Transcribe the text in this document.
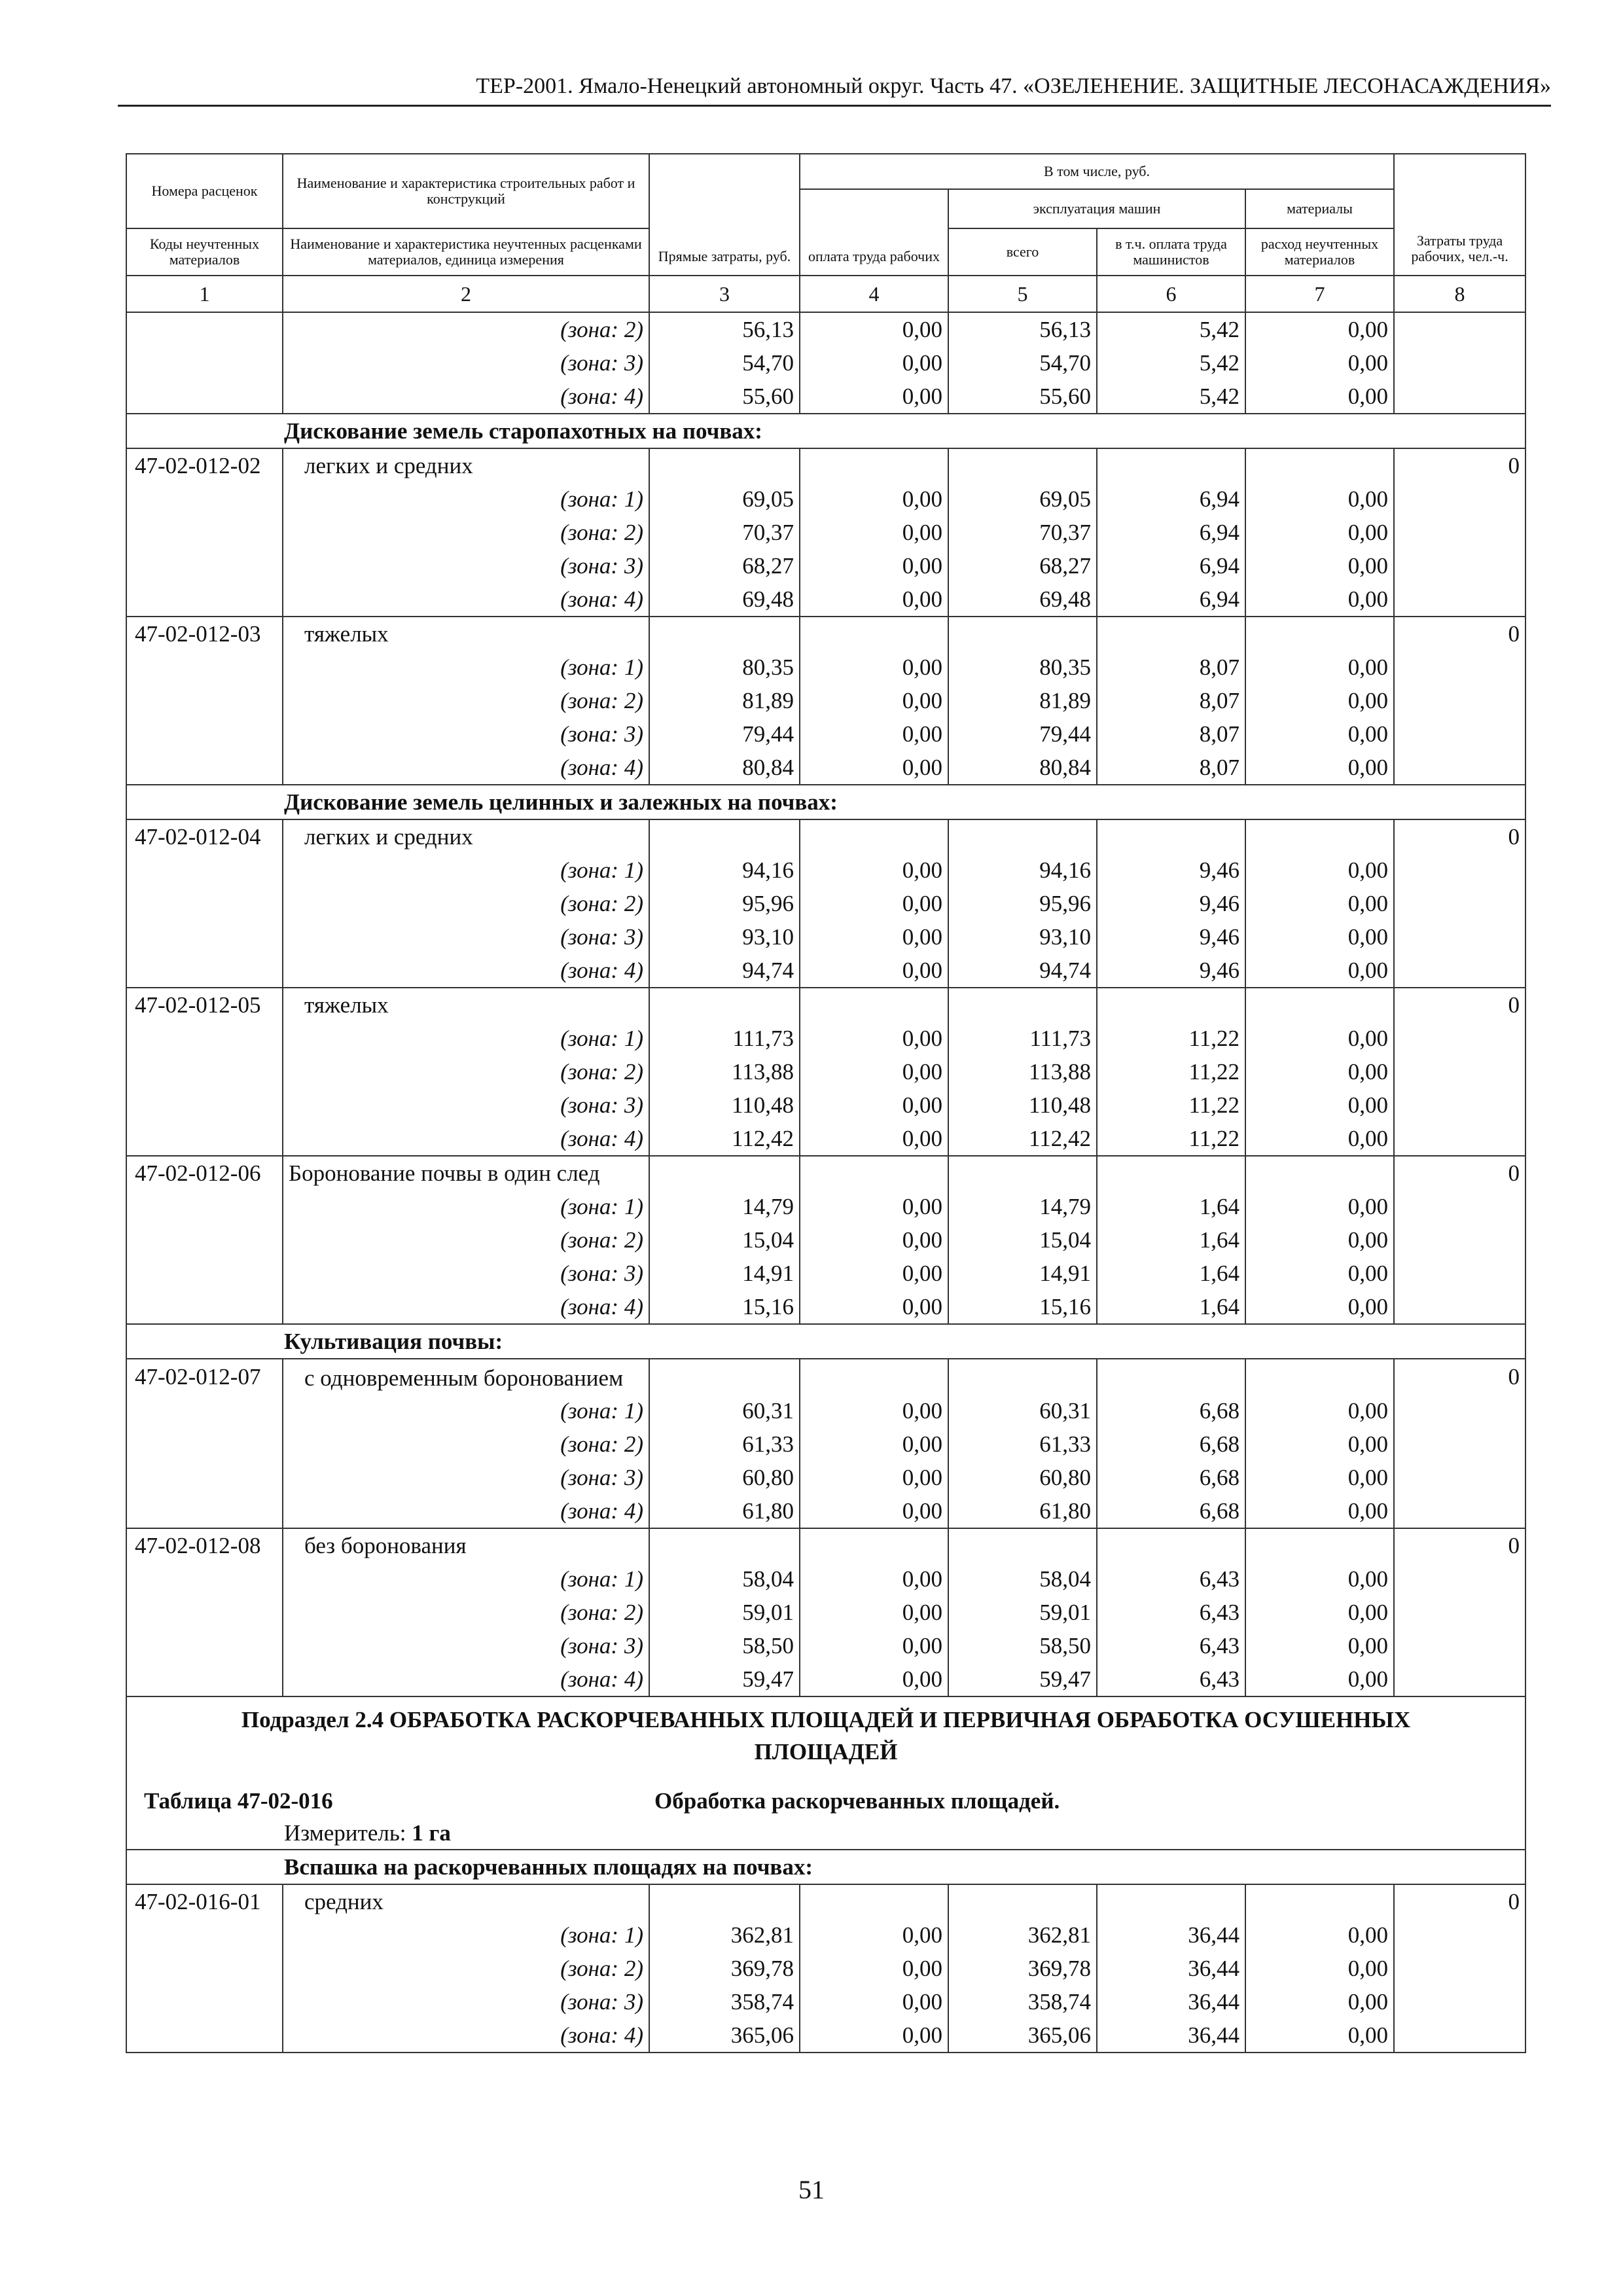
ТЕР-2001. Ямало-Ненецкий автономный округ. Часть 47. «ОЗЕЛЕНЕНИЕ. ЗАЩИТНЫЕ ЛЕСОНАСАЖДЕНИЯ»
Номера расценок	Наименование и характеристика строительных работ и конструкций	Прямые затраты, руб.	В том числе, руб.				Затраты труда рабочих, чел.-ч.
			оплата труда рабочих	эксплуатация машин		материалы	
Коды неучтенных материалов	Наименование и характеристика неучтенных расценками материалов, единица измерения			всего	в т.ч. оплата труда машинистов	расход неучтенных материалов	
1	2	3	4	5	6	7	8
	(зона: 2)	56,13	0,00	56,13	5,42	0,00	
	(зона: 3)	54,70	0,00	54,70	5,42	0,00	
	(зона: 4)	55,60	0,00	55,60	5,42	0,00	
Дискование земель старопахотных на почвах:							
47-02-012-02	легких и средних						0
	(зона: 1)	69,05	0,00	69,05	6,94	0,00	
	(зона: 2)	70,37	0,00	70,37	6,94	0,00	
	(зона: 3)	68,27	0,00	68,27	6,94	0,00	
	(зона: 4)	69,48	0,00	69,48	6,94	0,00	
47-02-012-03	тяжелых						0
	(зона: 1)	80,35	0,00	80,35	8,07	0,00	
	(зона: 2)	81,89	0,00	81,89	8,07	0,00	
	(зона: 3)	79,44	0,00	79,44	8,07	0,00	
	(зона: 4)	80,84	0,00	80,84	8,07	0,00	
Дискование земель целинных и залежных на почвах:							
47-02-012-04	легких и средних						0
	(зона: 1)	94,16	0,00	94,16	9,46	0,00	
	(зона: 2)	95,96	0,00	95,96	9,46	0,00	
	(зона: 3)	93,10	0,00	93,10	9,46	0,00	
	(зона: 4)	94,74	0,00	94,74	9,46	0,00	
47-02-012-05	тяжелых						0
	(зона: 1)	111,73	0,00	111,73	11,22	0,00	
	(зона: 2)	113,88	0,00	113,88	11,22	0,00	
	(зона: 3)	110,48	0,00	110,48	11,22	0,00	
	(зона: 4)	112,42	0,00	112,42	11,22	0,00	
47-02-012-06	Боронование почвы в один след						0
	(зона: 1)	14,79	0,00	14,79	1,64	0,00	
	(зона: 2)	15,04	0,00	15,04	1,64	0,00	
	(зона: 3)	14,91	0,00	14,91	1,64	0,00	
	(зона: 4)	15,16	0,00	15,16	1,64	0,00	
Культивация почвы:							
47-02-012-07	с одновременным боронованием						0
	(зона: 1)	60,31	0,00	60,31	6,68	0,00	
	(зона: 2)	61,33	0,00	61,33	6,68	0,00	
	(зона: 3)	60,80	0,00	60,80	6,68	0,00	
	(зона: 4)	61,80	0,00	61,80	6,68	0,00	
47-02-012-08	без боронования						0
	(зона: 1)	58,04	0,00	58,04	6,43	0,00	
	(зона: 2)	59,01	0,00	59,01	6,43	0,00	
	(зона: 3)	58,50	0,00	58,50	6,43	0,00	
	(зона: 4)	59,47	0,00	59,47	6,43	0,00	
Подраздел 2.4 ОБРАБОТКА РАСКОРЧЕВАННЫХ ПЛОЩАДЕЙ И ПЕРВИЧНАЯ ОБРАБОТКА ОСУШЕННЫХ ПЛОЩАДЕЙ							
Таблица 47-02-016 Обработка раскорчеванных площадей.							
Измеритель: 1 га							
Вспашка на раскорчеванных площадях на почвах:							
47-02-016-01	средних						0
	(зона: 1)	362,81	0,00	362,81	36,44	0,00	
	(зона: 2)	369,78	0,00	369,78	36,44	0,00	
	(зона: 3)	358,74	0,00	358,74	36,44	0,00	
	(зона: 4)	365,06	0,00	365,06	36,44	0,00	
51
